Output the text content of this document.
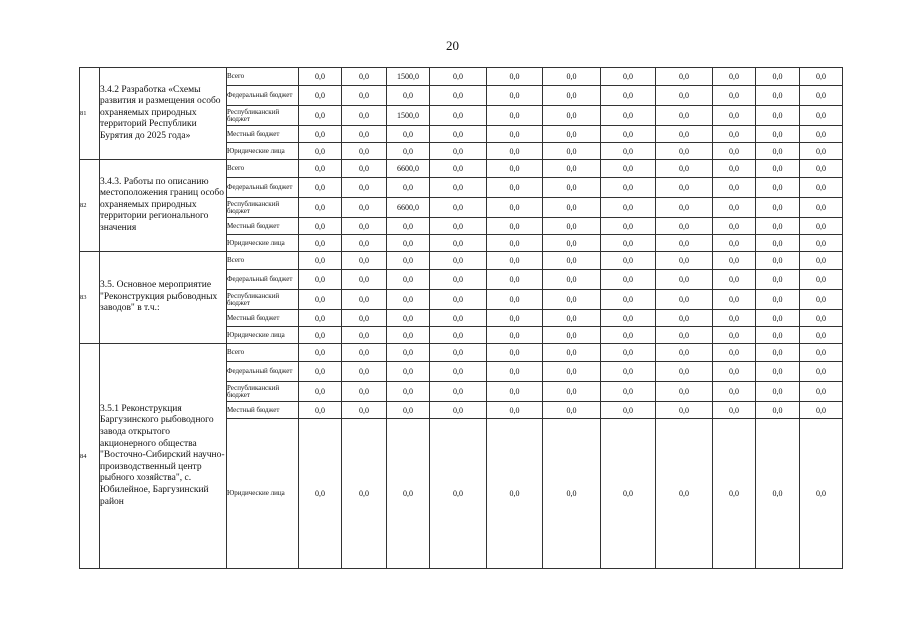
20
81	3.4.2 Разработка «Схемы развития и размещения особо охраняемых природных территорий Республики Бурятия до 2025 года»	Всего	0,0	0,0	1500,0	0,0	0,0	0,0	0,0	0,0	0,0	0,0	0,0
		Федеральный бюджет	0,0	0,0	0,0	0,0	0,0	0,0	0,0	0,0	0,0	0,0	0,0
		Республиканский бюджет	0,0	0,0	1500,0	0,0	0,0	0,0	0,0	0,0	0,0	0,0	0,0
		Местный бюджет	0,0	0,0	0,0	0,0	0,0	0,0	0,0	0,0	0,0	0,0	0,0
		Юридические лица	0,0	0,0	0,0	0,0	0,0	0,0	0,0	0,0	0,0	0,0	0,0
82	3.4.3. Работы по описанию местоположения границ особо охраняемых природных территории регионального значения	Всего	0,0	0,0	6600,0	0,0	0,0	0,0	0,0	0,0	0,0	0,0	0,0
		Федеральный бюджет	0,0	0,0	0,0	0,0	0,0	0,0	0,0	0,0	0,0	0,0	0,0
		Республиканский бюджет	0,0	0,0	6600,0	0,0	0,0	0,0	0,0	0,0	0,0	0,0	0,0
		Местный бюджет	0,0	0,0	0,0	0,0	0,0	0,0	0,0	0,0	0,0	0,0	0,0
		Юридические лица	0,0	0,0	0,0	0,0	0,0	0,0	0,0	0,0	0,0	0,0	0,0
83	3.5. Основное мероприятие "Реконструкция рыбоводных заводов" в т.ч.:	Всего	0,0	0,0	0,0	0,0	0,0	0,0	0,0	0,0	0,0	0,0	0,0
		Федеральный бюджет	0,0	0,0	0,0	0,0	0,0	0,0	0,0	0,0	0,0	0,0	0,0
		Республиканский бюджет	0,0	0,0	0,0	0,0	0,0	0,0	0,0	0,0	0,0	0,0	0,0
		Местный бюджет	0,0	0,0	0,0	0,0	0,0	0,0	0,0	0,0	0,0	0,0	0,0
		Юридические лица	0,0	0,0	0,0	0,0	0,0	0,0	0,0	0,0	0,0	0,0	0,0
84	3.5.1 Реконструкция Баргузинского рыбоводного завода открытого акционерного общества "Восточно-Сибирский научно-производственный центр рыбного хозяйства", с. Юбилейное, Баргузинский район	Всего	0,0	0,0	0,0	0,0	0,0	0,0	0,0	0,0	0,0	0,0	0,0
		Федеральный бюджет	0,0	0,0	0,0	0,0	0,0	0,0	0,0	0,0	0,0	0,0	0,0
		Республиканский бюджет	0,0	0,0	0,0	0,0	0,0	0,0	0,0	0,0	0,0	0,0	0,0
		Местный бюджет	0,0	0,0	0,0	0,0	0,0	0,0	0,0	0,0	0,0	0,0	0,0
		Юридические лица	0,0	0,0	0,0	0,0	0,0	0,0	0,0	0,0	0,0	0,0	0,0
